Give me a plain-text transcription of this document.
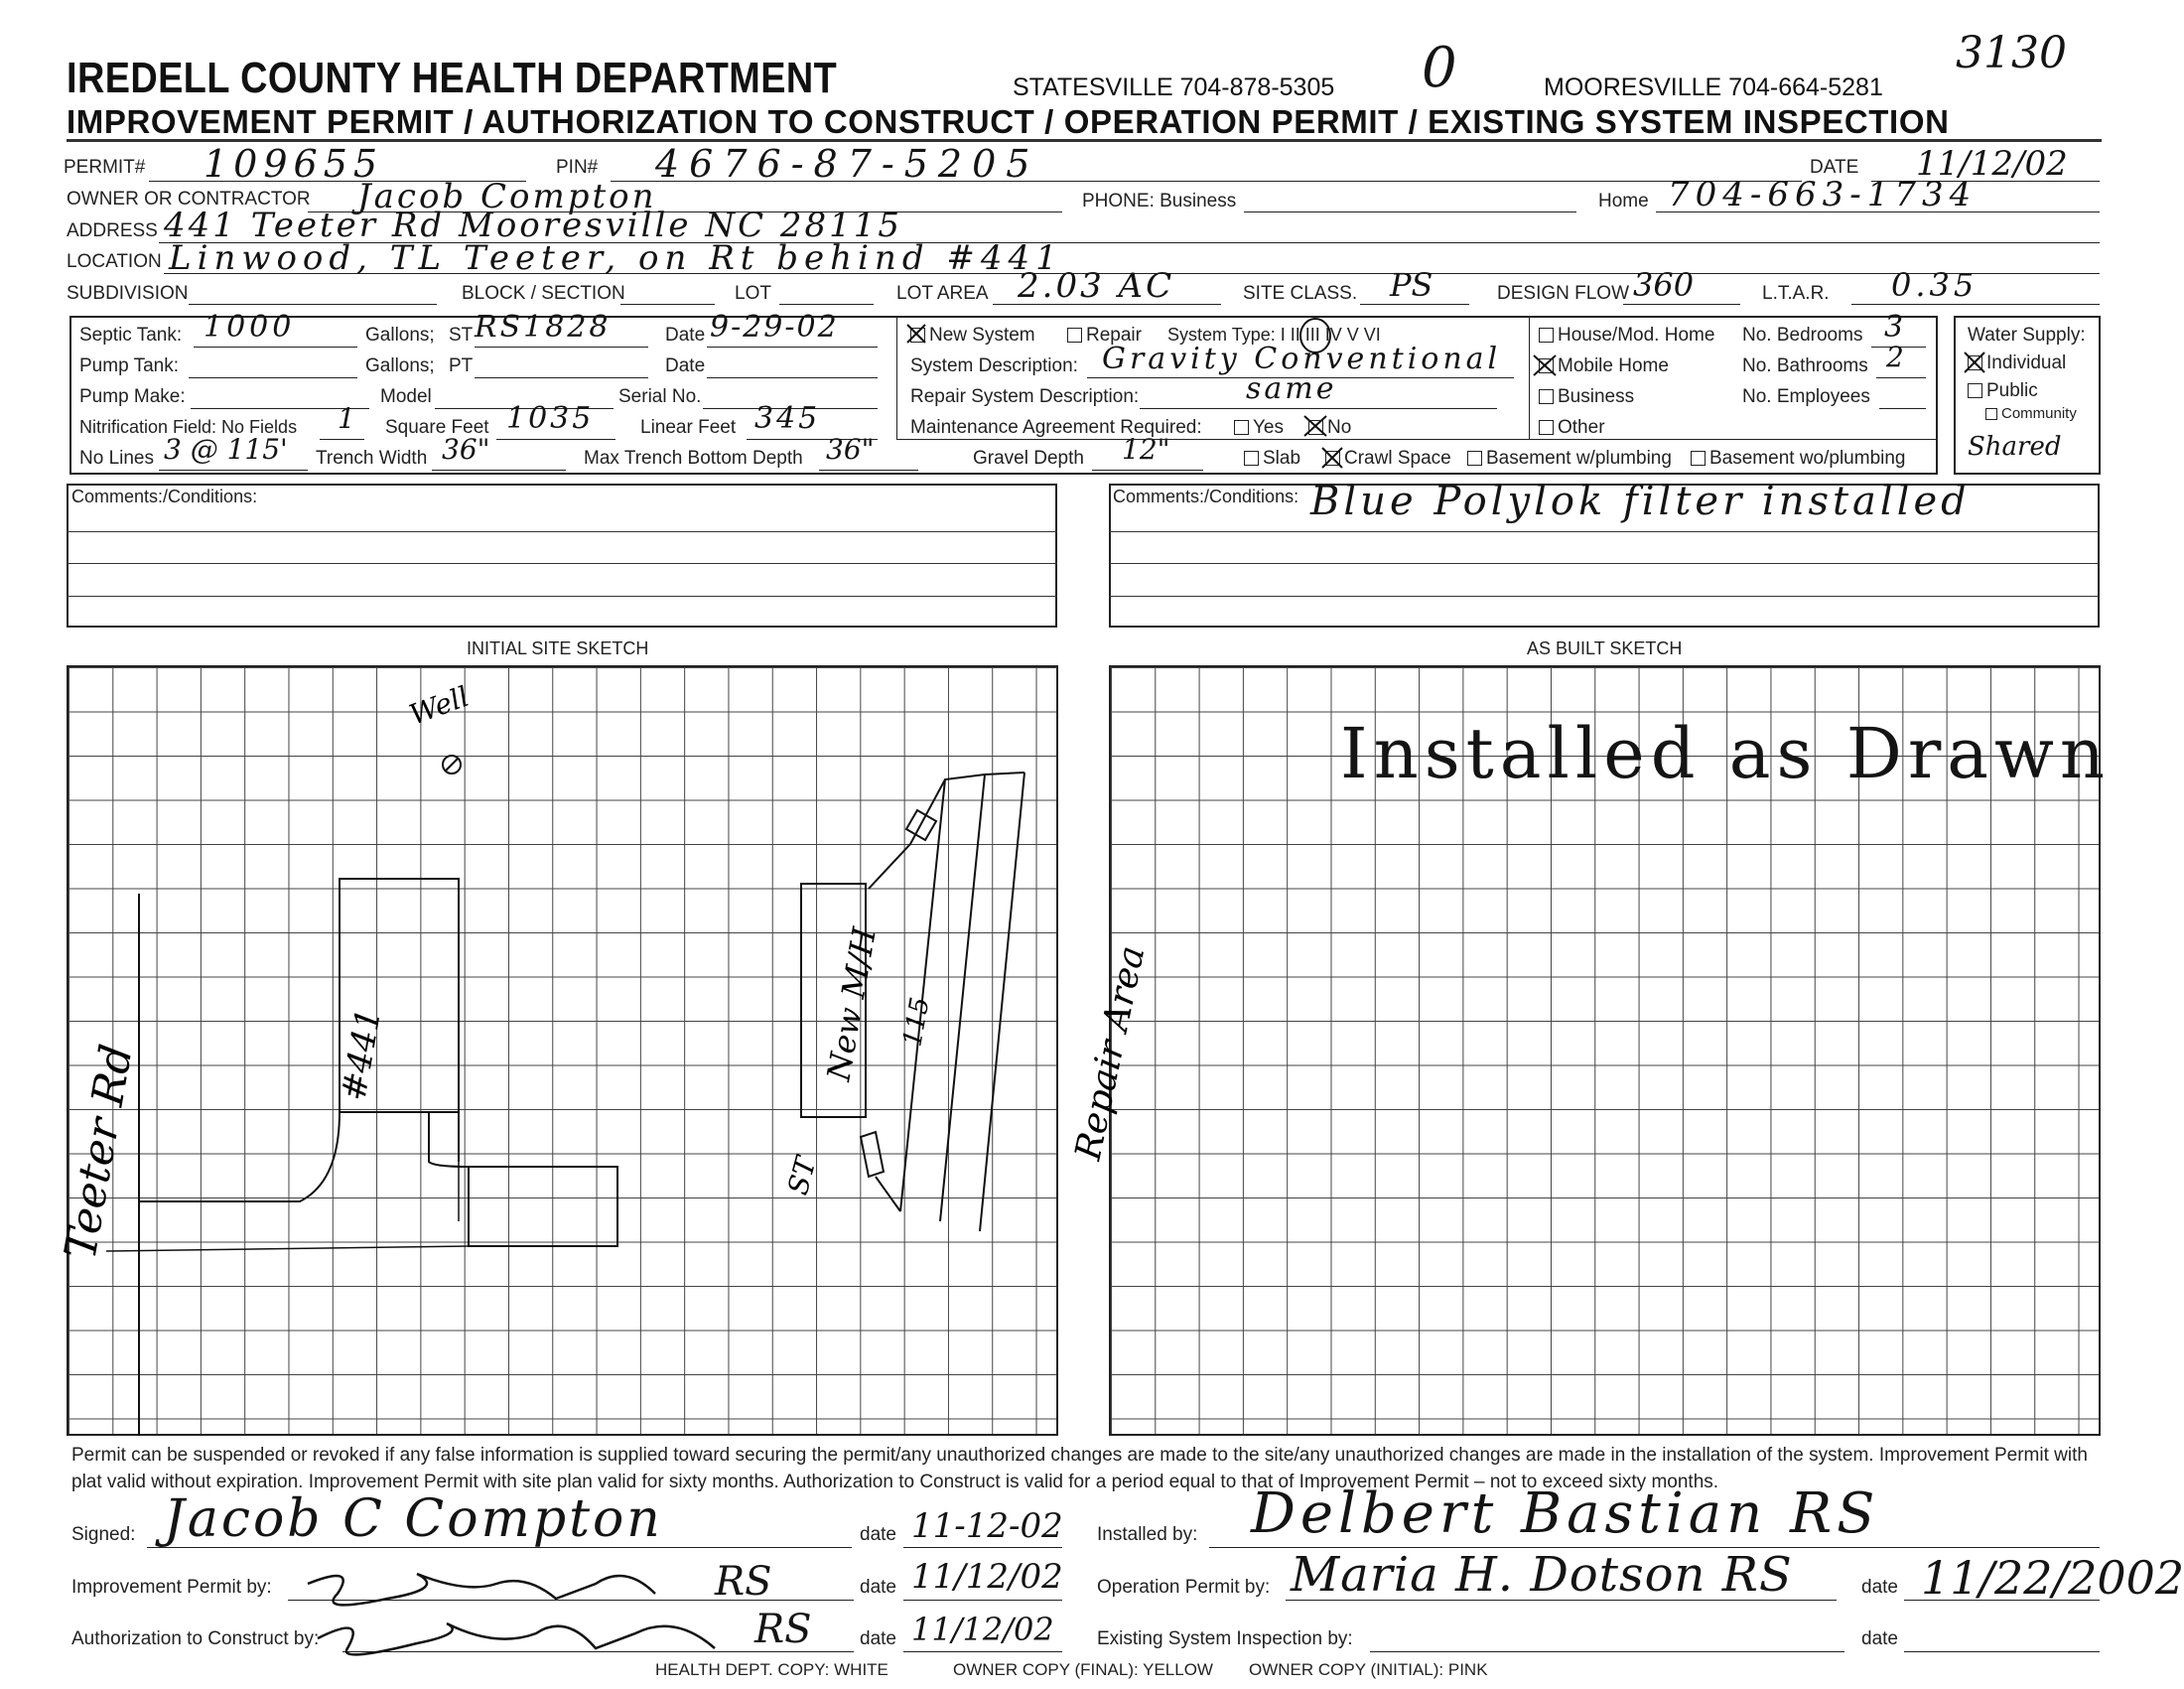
IREDELL COUNTY HEALTH DEPARTMENT	STATESVILLE 704-878-5305 0	MOORESVILLE 704-664-5281
3130
IMPROVEMENT PERMIT / AUTHORIZATION TO CONSTRUCT / OPERATION PERMIT / EXISTING SYSTEM INSPECTION
PERMIT# 109655	PIN# 4676-87-5205	DATE 11/12/02
OWNER OR CONTRACTOR Jacob Compton	PHONE: Business	Home 704-663-1734
ADDRESS 441 Teeter Rd Mooresville NC 28115
LOCATION Linwood, TL Teeter, on Rt behind #441
SUBDIVISION	BLOCK / SECTION	LOT	LOT AREA 2.03 AC	SITE CLASS. PS	DESIGN FLOW 360	L.T.A.R. 0.35
Septic Tank: 1000	Gallons; ST RS1828	Date 9-29-02
Pump Tank:	Gallons; PT	Date
Pump Make:	Model	Serial No.
Nitrification Field: No Fields 1 Square Feet 1035 Linear Feet 345
No Lines 3 @ 115' Trench Width 36"	Max Trench Bottom Depth 36"	Gravel Depth 12"
New System	Repair System Type: I II III IV V VI
System Description: Gravity Conventional
Repair System Description:	same
Maintenance Agreement Required:	Yes	No
Slab	Crawl Space	Basement w/plumbing	Basement wo/plumbing
House/Mod. Home
Mobile Home
Business
Other
No. Bedrooms 3
No. Bathrooms 2
No. Employees
Water Supply:
Individual
Public
Community
Shared
Comments:/Conditions:	Comments:/Conditions: Blue Polylok filter installed
INITIAL SITE SKETCH	AS BUILT SKETCH
Well
Teeter Rd	#441	New M/H 115
ST
Repair Area
Installed as Drawn
Permit can be suspended or revoked if any false information is supplied toward securing the permit/any unauthorized changes are made to the site/any unauthorized changes are made in the installation of the system. Improvement Permit with plat valid without expiration. Improvement Permit with site plan valid for sixty months. Authorization to Construct is valid for a period equal to that of Improvement Permit – not to exceed sixty months.
Signed: Jacob C Compton	date 11-12-02
Improvement Permit by:	RS	date 11/12/02
Authorization to Construct by:	RS	date 11/12/02
Installed by: Delbert Bastian RS
Operation Permit by: Maria H. Dotson RS	date 11/22/2002
Existing System Inspection by:	date
HEALTH DEPT. COPY: WHITE	OWNER COPY (FINAL): YELLOW OWNER COPY (INITIAL): PINK
